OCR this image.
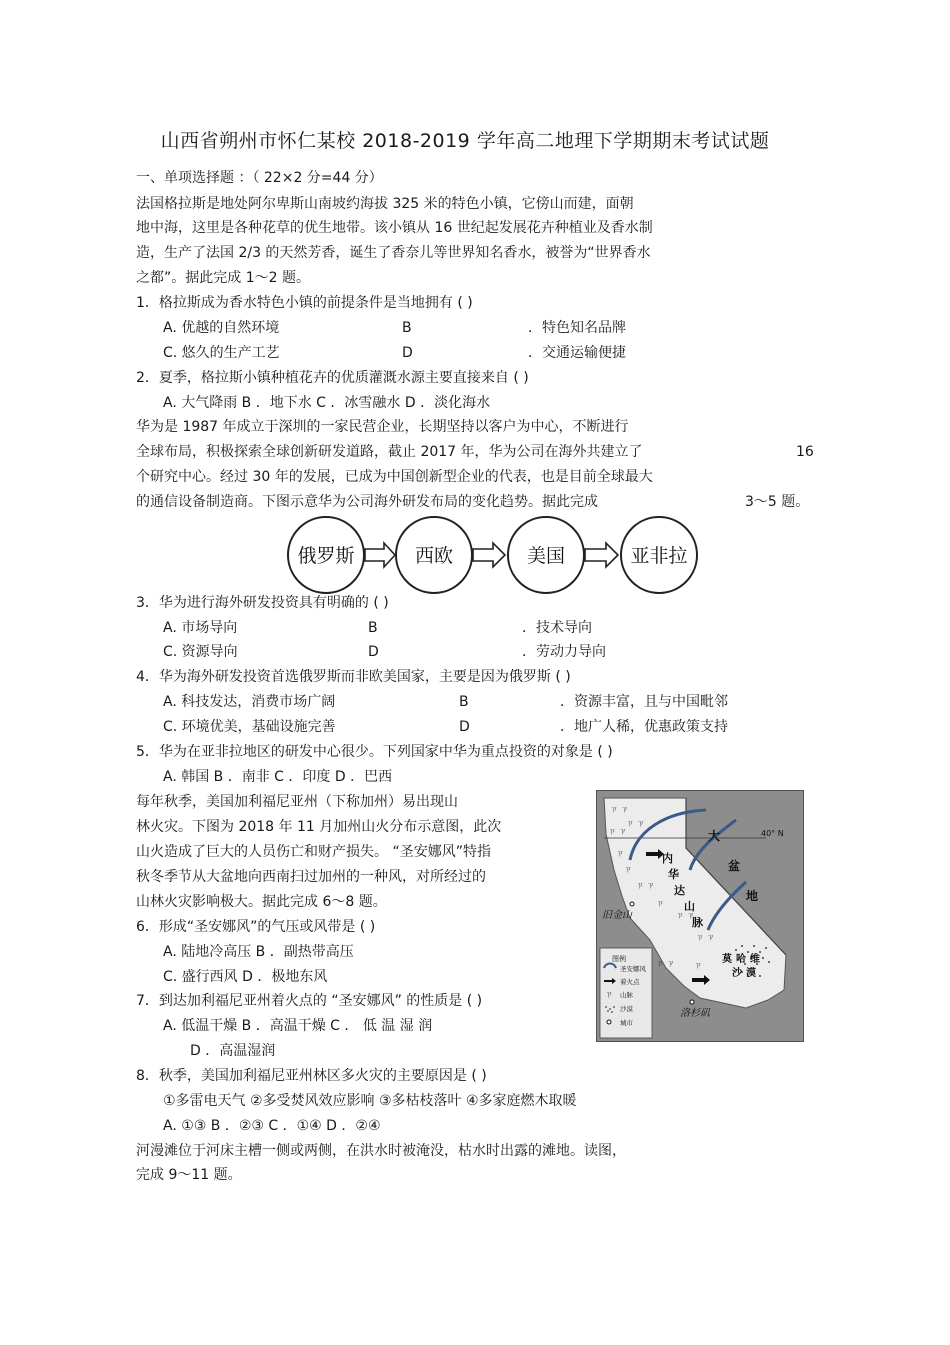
山西省朔州市怀仁某校 2018-2019 学年高二地理下学期期末考试试题
一、单项选择题 ：（ 22×2 分=44 分）
法国格拉斯是地处阿尔卑斯山南坡约海拔 325 米的特色小镇，它傍山而建，面朝
地中海，这里是各种花草的优生地带。该小镇从 16 世纪起发展花卉种植业及香水制
造，生产了法国 2/3 的天然芳香，诞生了香奈儿等世界知名香水，被誉为“世界香水
之都”。据此完成 1～2 题。
1．格拉斯成为香水特色小镇的前提条件是当地拥有 ( )
A. 优越的自然环境	B	．特色知名品牌
C. 悠久的生产工艺	D	．交通运输便捷
2．夏季，格拉斯小镇种植花卉的优质灌溉水源主要直接来自 ( )
A. 大气降雨 B ．地下水 C ．冰雪融水 D ．淡化海水
华为是 1987 年成立于深圳的一家民营企业，长期坚持以客户为中心，不断进行
全球布局，积极探索全球创新研发道路，截止 2017 年，华为公司在海外共建立了	16
个研究中心。经过 30 年的发展，已成为中国创新型企业的代表，也是目前全球最大
的通信设备制造商。下图示意华为公司海外研发布局的变化趋势。据此完成	3～5 题。
俄罗斯	西欧	美国	亚非拉
3．华为进行海外研发投资具有明确的 ( )
A. 市场导向	B	．技术导向
C. 资源导向	D	．劳动力导向
4．华为海外研发投资首选俄罗斯而非欧美国家，主要是因为俄罗斯 ( )
A. 科技发达，消费市场广阔	B	．资源丰富，且与中国毗邻
C. 环境优美，基础设施完善	D	．地广人稀，优惠政策支持
5．华为在亚非拉地区的研发中心很少。下列国家中华为重点投资的对象是 ( )
A. 韩国 B ．南非 C ．印度 D ．巴西
每年秋季，美国加利福尼亚州（下称加州）易出现山
林火灾。下图为 2018 年 11 月加州山火分布示意图，此次
山火造成了巨大的人员伤亡和财产损失。 “圣安娜风”特指
秋冬季节从大盆地向西南扫过加州的一种风，对所经过的
山林火灾影响极大。据此完成 6～8 题。
40° N
ㄗ ㄗ
ㄗ ㄗ
ㄗ ㄗ
ㄗ
ㄗ
ㄗ ㄗ
ㄗ
ㄗ ㄗ
ㄗ ㄗ
ㄗ ㄗ ㄗ
大
盆
地
内
华
达
山
脉
莫 哈 维
沙 漠
旧金山
洛杉矶
图例
圣安娜风
着火点
ㄗ 山脉
沙漠
城市
6．形成“圣安娜风”的气压或风带是 ( )
A. 陆地冷高压 B ．副热带高压
C. 盛行西风 D ．极地东风
7．到达加利福尼亚州着火点的 “圣安娜风” 的性质是 ( )
A. 低温干燥 B ．高温干燥 C ． 低 温 湿 润
D ．高温湿润
8．秋季，美国加利福尼亚州林区多火灾的主要原因是 ( )
①多雷电天气 ②多受焚风效应影响 ③多枯枝落叶 ④多家庭燃木取暖
A. ①③ B ．②③ C ．①④ D ．②④
河漫滩位于河床主槽一侧或两侧，在洪水时被淹没，枯水时出露的滩地。读图，
完成 9～11 题。
